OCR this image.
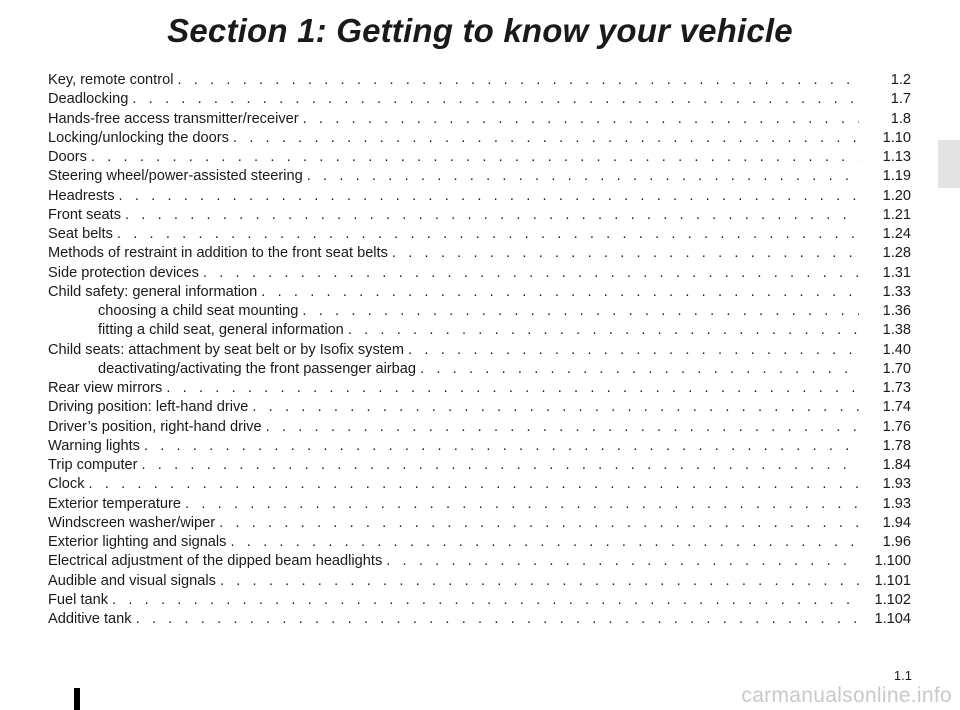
Section 1: Getting to know your vehicle
Key, remote control . . .	1.2
Deadlocking . . .	1.7
Hands-free access transmitter/receiver . . .	1.8
Locking/unlocking the doors . . .	1.10
Doors . . .	1.13
Steering wheel/power-assisted steering . . .	1.19
Headrests . . .	1.20
Front seats . . .	1.21
Seat belts . . .	1.24
Methods of restraint in addition to the front seat belts . . .	1.28
Side protection devices . . .	1.31
Child safety: general information . . .	1.33
choosing a child seat mounting . . .	1.36
fitting a child seat, general information . . .	1.38
Child seats: attachment by seat belt or by Isofix system . . .	1.40
deactivating/activating the front passenger airbag . . .	1.70
Rear view mirrors . . .	1.73
Driving position: left-hand drive . . .	1.74
Driver’s position, right-hand drive . . .	1.76
Warning lights . . .	1.78
Trip computer . . .	1.84
Clock . . .	1.93
Exterior temperature . . .	1.93
Windscreen washer/wiper . . .	1.94
Exterior lighting and signals . . .	1.96
Electrical adjustment of the dipped beam headlights . . .	1.100
Audible and visual signals . . .	1.101
Fuel tank . . .	1.102
Additive tank . . .	1.104
1.1
carmanualsonline.info
